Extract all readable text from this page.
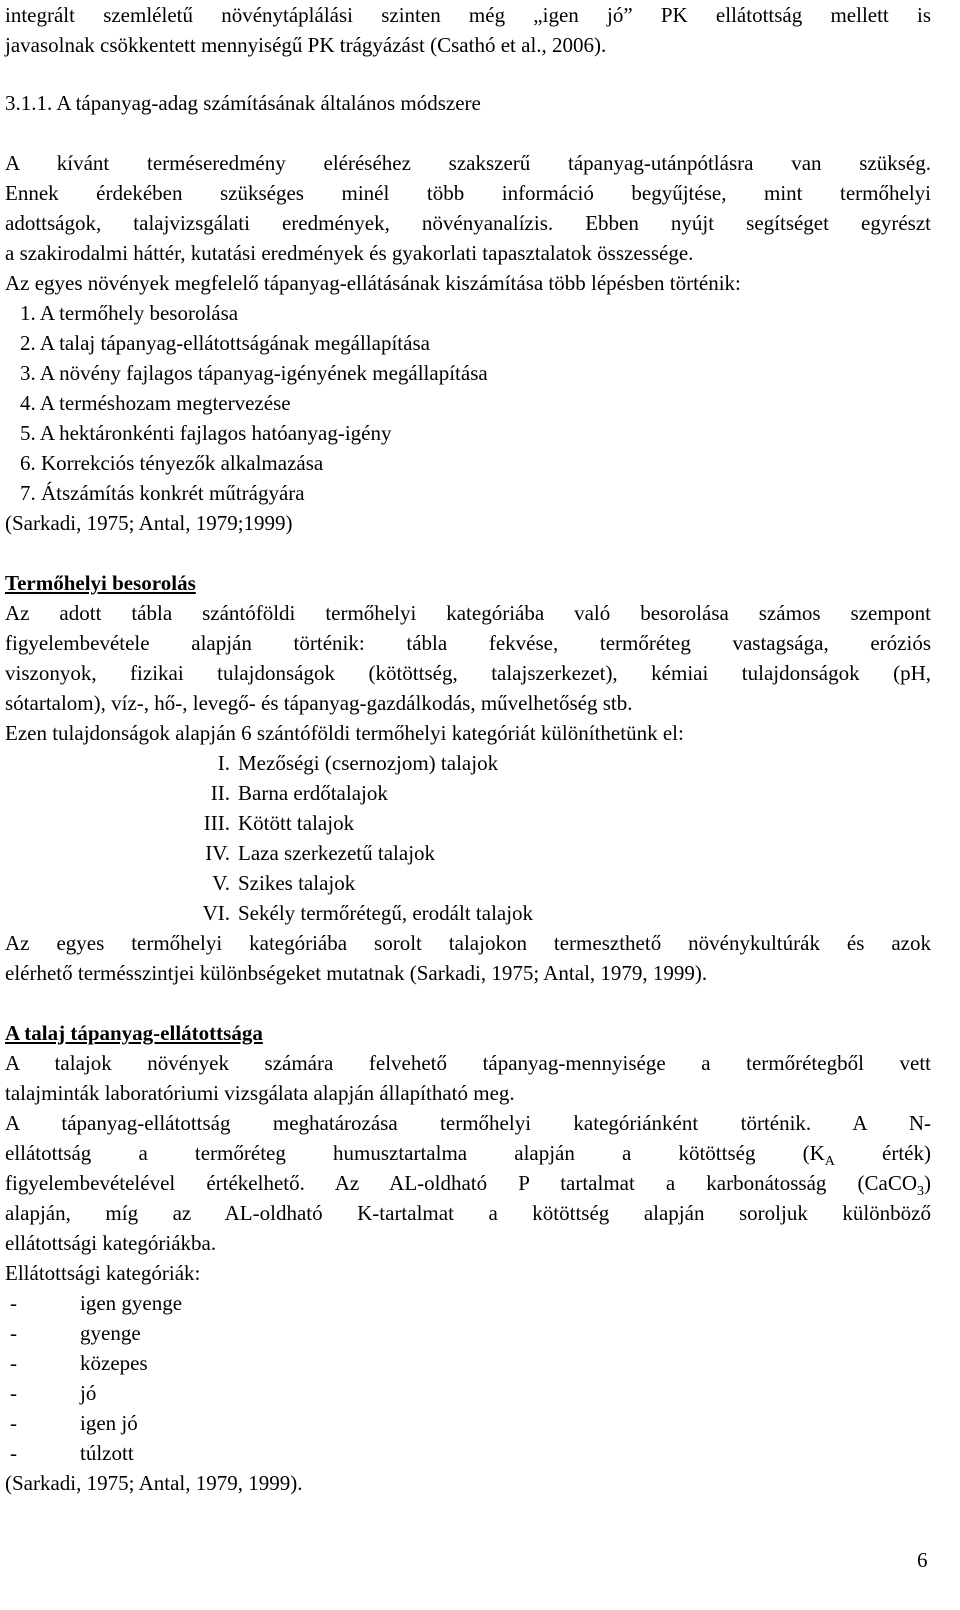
integrált szemléletű növénytáplálási szinten még „igen jó” PK ellátottság mellett is
javasolnak csökkentett mennyiségű PK trágyázást (Csathó et al., 2006).
3.1.1. A tápanyag-adag számításának általános módszere
A kívánt terméseredmény eléréséhez szakszerű tápanyag-utánpótlásra van szükség.
Ennek érdekében szükséges minél több információ begyűjtése, mint termőhelyi
adottságok, talajvizsgálati eredmények, növényanalízis. Ebben nyújt segítséget egyrészt
a szakirodalmi háttér, kutatási eredmények és gyakorlati tapasztalatok összessége.
Az egyes növények megfelelő tápanyag-ellátásának kiszámítása több lépésben történik:
1. A termőhely besorolása
2. A talaj tápanyag-ellátottságának megállapítása
3. A növény fajlagos tápanyag-igényének megállapítása
4. A terméshozam megtervezése
5. A hektáronkénti fajlagos hatóanyag-igény
6. Korrekciós tényezők alkalmazása
7. Átszámítás konkrét műtrágyára
(Sarkadi, 1975; Antal, 1979;1999)
Termőhelyi besorolás
Az adott tábla szántóföldi termőhelyi kategóriába való besorolása számos szempont
figyelembevétele alapján történik: tábla fekvése, termőréteg vastagsága, eróziós
viszonyok, fizikai tulajdonságok (kötöttség, talajszerkezet), kémiai tulajdonságok (pH,
sótartalom), víz-, hő-, levegő- és tápanyag-gazdálkodás, művelhetőség stb.
Ezen tulajdonságok alapján 6 szántóföldi termőhelyi kategóriát különíthetünk el:
I. Mezőségi (csernozjom) talajok
II. Barna erdőtalajok
III. Kötött talajok
IV. Laza szerkezetű talajok
V. Szikes talajok
VI. Sekély termőrétegű, erodált talajok
Az egyes termőhelyi kategóriába sorolt talajokon termeszthető növénykultúrák és azok
elérhető termésszintjei különbségeket mutatnak (Sarkadi, 1975; Antal, 1979, 1999).
A talaj tápanyag-ellátottsága
A talajok növények számára felvehető tápanyag-mennyisége a termőrétegből vett
talajminták laboratóriumi vizsgálata alapján állapítható meg.
A tápanyag-ellátottság meghatározása termőhelyi kategóriánként történik. A N-
ellátottság a termőréteg humusztartalma alapján a kötöttség ($K_A$ érték)
figyelembevételével értékelhető. Az AL-oldható P tartalmat a karbonátosság (CaCO$_3$)
alapján, míg az AL-oldható K-tartalmat a kötöttség alapján soroljuk különböző
ellátottsági kategóriákba.
Ellátottsági kategóriák:
-	igen gyenge
-	gyenge
-	közepes
-	jó
-	igen jó
-	túlzott
(Sarkadi, 1975; Antal, 1979, 1999).
6
